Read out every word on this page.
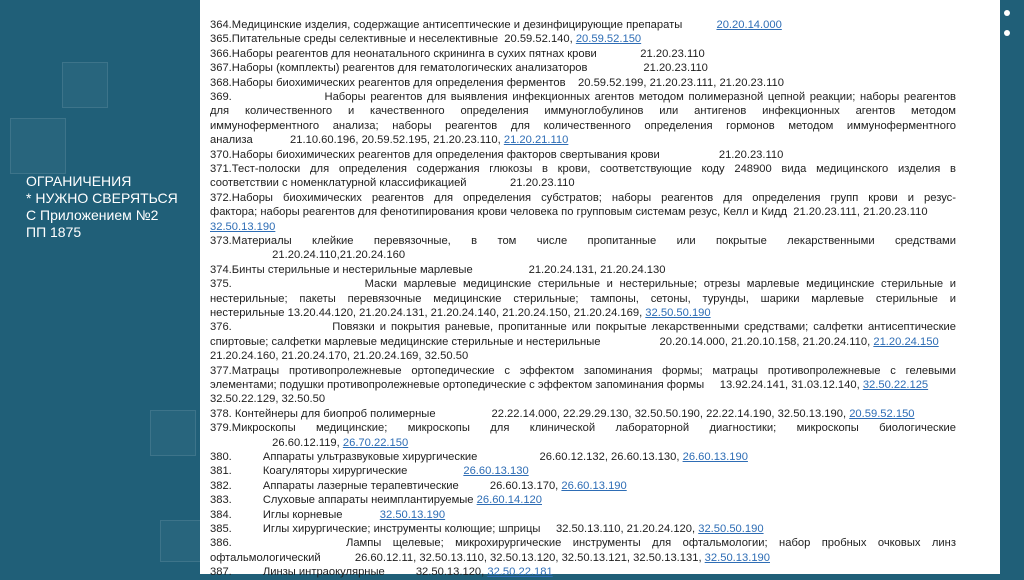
ОГРАНИЧЕНИЯ
* НУЖНО СВЕРЯТЬСЯ
С Приложением №2
ПП 1875
364.Медицинские изделия, содержащие антисептические и дезинфицирующие препараты           20.20.14.000
365.Питательные среды селективные и неселективные  20.59.52.140, 20.59.52.150
366.Наборы реагентов для неонатального скрининга в сухих пятнах крови              21.20.23.110
367.Наборы (комплекты) реагентов для гематологических анализаторов                  21.20.23.110
368.Наборы биохимических реагентов для определения ферментов    20.59.52.199, 21.20.23.111, 21.20.23.110
369.                    Наборы реагентов для выявления инфекционных агентов методом полимеразной цепной реакции; наборы реагентов
для количественного и качественного определения иммуноглобулинов или антигенов инфекционных агентов методом
иммуноферментного анализа; наборы реагентов для количественного определения гормонов методом иммуноферментного
анализа            21.10.60.196, 20.59.52.195, 21.20.23.110, 21.20.21.110
370.Наборы биохимических реагентов для определения факторов свертывания крови                   21.20.23.110
371.Тест-полоски для определения содержания глюкозы в крови, соответствующие коду 248900 вида медицинского изделия в
соответствии с номенклатурной классификацией              21.20.23.110
372.Наборы биохимических реагентов для определения субстратов; наборы реагентов для определения групп крови и резус-
фактора; наборы реагентов для фенотипирования крови человека по групповым системам резус, Келл и Кидд  21.20.23.111, 21.20.23.110
32.50.13.190
373.Материалы клейкие перевязочные, в том числе пропитанные или покрытые лекарственными средствами
21.20.24.110,21.20.24.160
374.Бинты стерильные и нестерильные марлевые                  21.20.24.131, 21.20.24.130
375.                    Маски марлевые медицинские стерильные и нестерильные; отрезы марлевые медицинские стерильные и
нестерильные; пакеты перевязочные медицинские стерильные; тампоны, сетоны, турунды, шарики марлевые стерильные и
нестерильные 13.20.44.120, 21.20.24.131, 21.20.24.140, 21.20.24.150, 21.20.24.169, 32.50.50.190
376.                    Повязки и покрытия раневые, пропитанные или покрытые лекарственными средствами; салфетки антисептические
спиртовые; салфетки марлевые медицинские стерильные и нестерильные                   20.20.14.000, 21.20.10.158, 21.20.24.110, 21.20.24.150
21.20.24.160, 21.20.24.170, 21.20.24.169, 32.50.50
377.Матрацы противопролежневые ортопедические с эффектом запоминания формы; матрацы противопролежневые с гелевыми
элементами; подушки противопролежневые ортопедические с эффектом запоминания формы     13.92.24.141, 31.03.12.140, 32.50.22.125
32.50.22.129, 32.50.50
378. Контейнеры для биопроб полимерные                  22.22.14.000, 22.29.29.130, 32.50.50.190, 22.22.14.190, 32.50.13.190, 20.59.52.150
379.Микроскопы медицинские; микроскопы для клинической лабораторной диагностики; микроскопы биологические
26.60.12.119, 26.70.22.150
380.          Аппараты ультразвуковые хирургические                    26.60.12.132, 26.60.13.130, 26.60.13.190
381.          Коагуляторы хирургические                  26.60.13.130
382.          Аппараты лазерные терапевтические          26.60.13.170, 26.60.13.190
383.          Слуховые аппараты неимплантируемые 26.60.14.120
384.          Иглы корневые            32.50.13.190
385.          Иглы хирургические; инструменты колющие; шприцы     32.50.13.110, 21.20.24.120, 32.50.50.190
386.          Лампы щелевые; микрохирургические инструменты для офтальмологии; набор пробных очковых линз
офтальмологический           26.60.12.11, 32.50.13.110, 32.50.13.120, 32.50.13.121, 32.50.13.131, 32.50.13.190
387.          Линзы интраокулярные          32.50.13.120, 32.50.22.181
